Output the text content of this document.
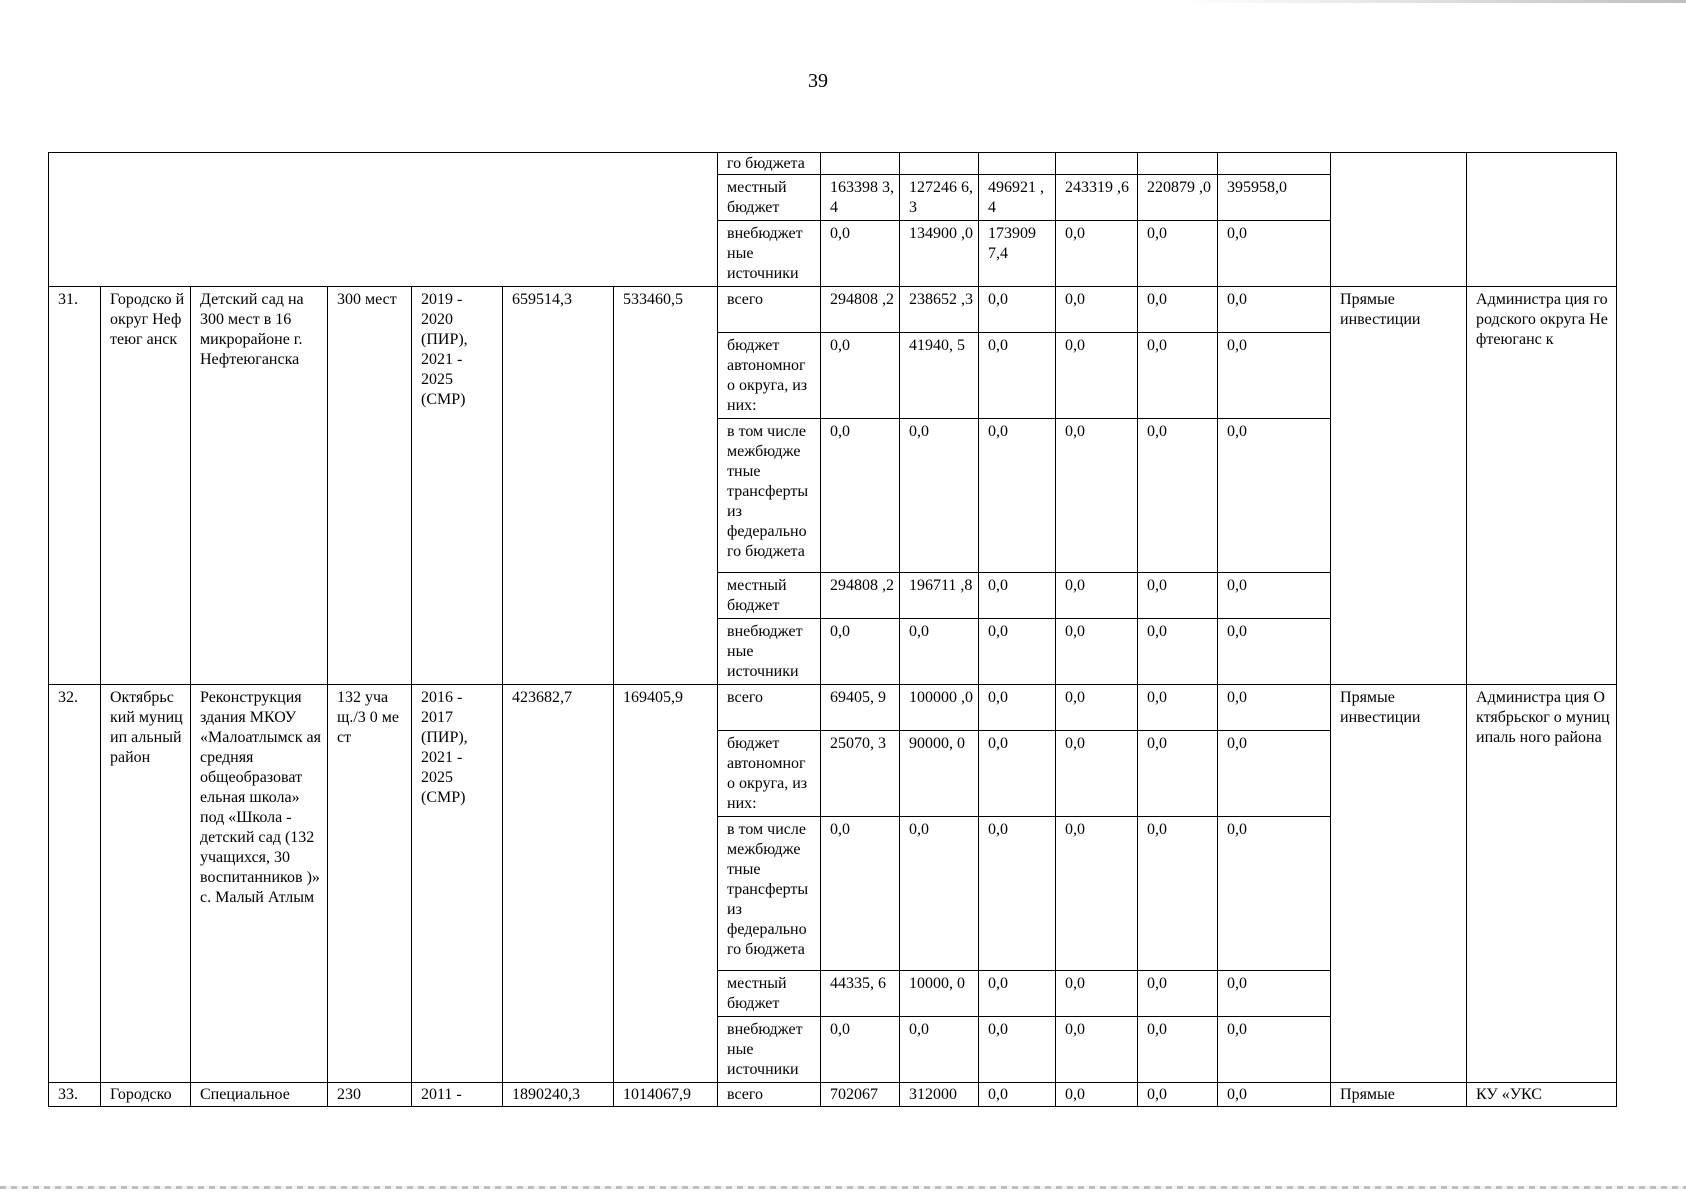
39
							го бюджета								
							местный бюджет	163398 3,4	127246 6,3	496921 ,4	243319 ,6	220879 ,0	395958,0		
							внебюджет ные источники	0,0	134900 ,0	173909 7,4	0,0	0,0	0,0		
31.	Городско й округ Нефтеюг анск	Детский сад на 300 мест в 16 микрорайоне г. Нефтеюганска	300 мест	2019 - 2020 (ПИР), 2021 - 2025 (СМР)	659514,3	533460,5	всего	294808 ,2	238652 ,3	0,0	0,0	0,0	0,0	Прямые инвестиции	Администра ция городского округа Нефтеюганс к
							бюджет автономног о округа, из них:	0,0	41940, 5	0,0	0,0	0,0	0,0		
							в том числе межбюдже тные трансферты из федерально го бюджета	0,0	0,0	0,0	0,0	0,0	0,0		
							местный бюджет	294808 ,2	196711 ,8	0,0	0,0	0,0	0,0		
							внебюджет ные источники	0,0	0,0	0,0	0,0	0,0	0,0		
32.	Октябрьс кий муницип альный район	Реконструкция здания МКОУ «Малоатлымск ая средняя общеобразоват ельная школа» под «Школа - детский сад (132 учащихся, 30 воспитанников )» с. Малый Атлым	132 учащ./3 0 мест	2016 - 2017 (ПИР), 2021 - 2025 (СМР)	423682,7	169405,9	всего	69405, 9	100000 ,0	0,0	0,0	0,0	0,0	Прямые инвестиции	Администра ция Октябрьског о муниципаль ного района
							бюджет автономног о округа, из них:	25070, 3	90000, 0	0,0	0,0	0,0	0,0		
							в том числе межбюдже тные трансферты из федерально го бюджета	0,0	0,0	0,0	0,0	0,0	0,0		
							местный бюджет	44335, 6	10000, 0	0,0	0,0	0,0	0,0		
							внебюджет ные источники	0,0	0,0	0,0	0,0	0,0	0,0		
33.	Городско	Специальное	230	2011 -	1890240,3	1014067,9	всего	702067	312000	0,0	0,0	0,0	0,0	Прямые	КУ «УКС
